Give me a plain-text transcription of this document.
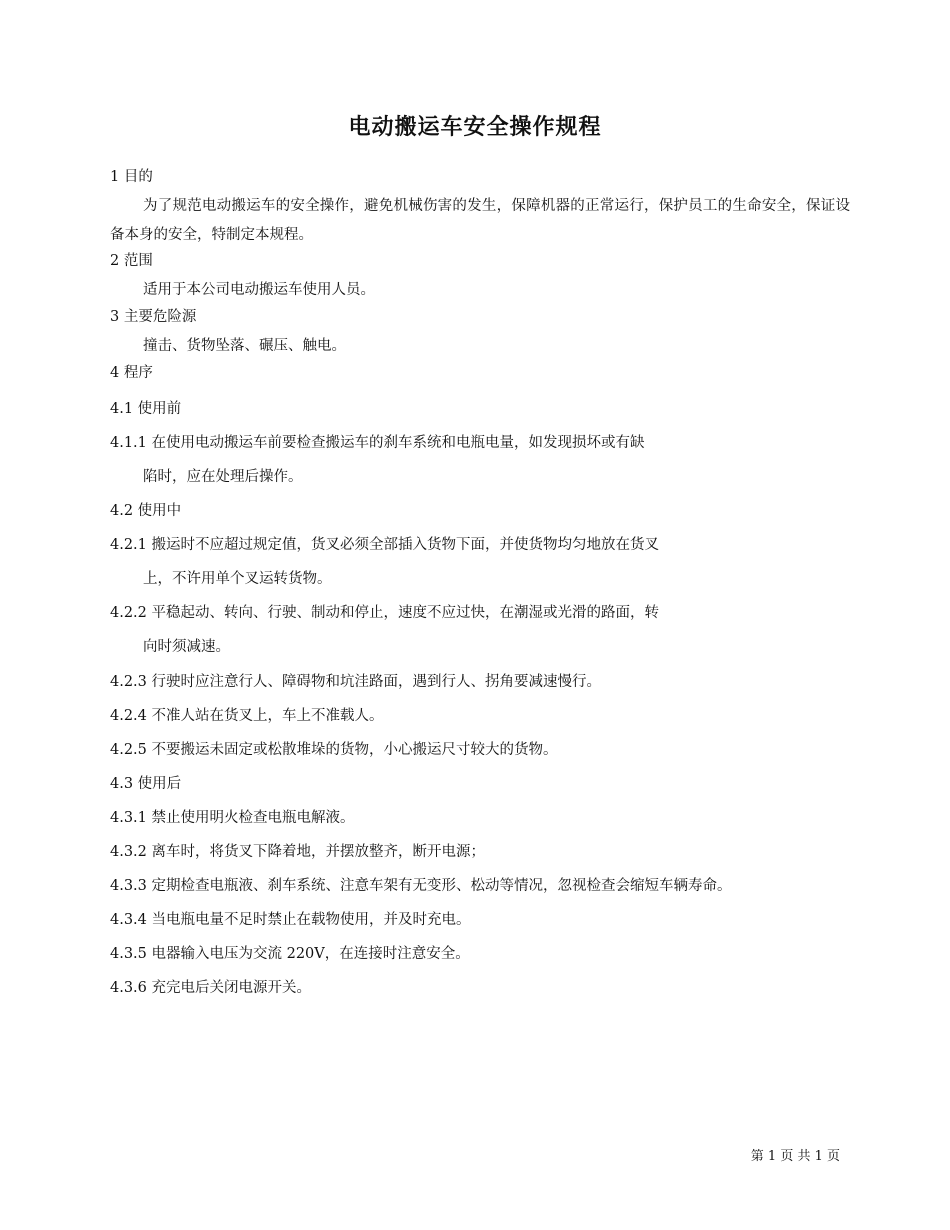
电动搬运车安全操作规程
1 目的
为了规范电动搬运车的安全操作，避免机械伤害的发生，保障机器的正常运行，保护员工的生命安全，保证设备本身的安全，特制定本规程。
2 范围
适用于本公司电动搬运车使用人员。
3 主要危险源
撞击、货物坠落、碾压、触电。
4 程序
4.1 使用前
4.1.1 在使用电动搬运车前要检查搬运车的刹车系统和电瓶电量，如发现损坏或有缺
陷时，应在处理后操作。
4.2 使用中
4.2.1 搬运时不应超过规定值，货叉必须全部插入货物下面，并使货物均匀地放在货叉
上，不许用单个叉运转货物。
4.2.2 平稳起动、转向、行驶、制动和停止，速度不应过快，在潮湿或光滑的路面，转
向时须减速。
4.2.3 行驶时应注意行人、障碍物和坑洼路面，遇到行人、拐角要减速慢行。
4.2.4 不准人站在货叉上，车上不准载人。
4.2.5 不要搬运未固定或松散堆垛的货物，小心搬运尺寸较大的货物。
4.3 使用后
4.3.1 禁止使用明火检查电瓶电解液。
4.3.2 离车时，将货叉下降着地，并摆放整齐，断开电源；
4.3.3 定期检查电瓶液、刹车系统、注意车架有无变形、松动等情况，忽视检查会缩短车辆寿命。
4.3.4 当电瓶电量不足时禁止在载物使用，并及时充电。
4.3.5 电器输入电压为交流 220V，在连接时注意安全。
4.3.6 充完电后关闭电源开关。
第 1 页 共 1 页
